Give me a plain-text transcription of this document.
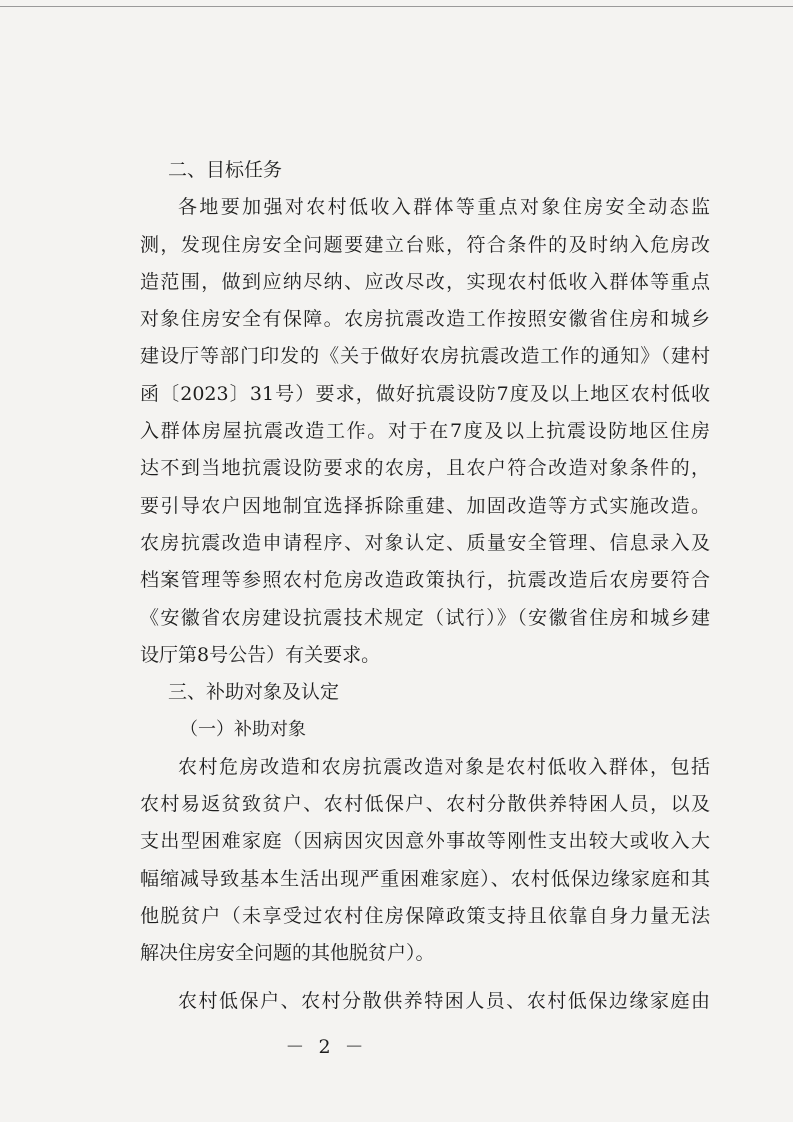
二、目标任务
各地要加强对农村低收入群体等重点对象住房安全动态监
测，发现住房安全问题要建立台账，符合条件的及时纳入危房改
造范围，做到应纳尽纳、应改尽改，实现农村低收入群体等重点
对象住房安全有保障。农房抗震改造工作按照安徽省住房和城乡
建设厅等部门印发的《关于做好农房抗震改造工作的通知》（建村
函〔2023〕31号）要求，做好抗震设防7度及以上地区农村低收
入群体房屋抗震改造工作。对于在7度及以上抗震设防地区住房
达不到当地抗震设防要求的农房，且农户符合改造对象条件的，
要引导农户因地制宜选择拆除重建、加固改造等方式实施改造。
农房抗震改造申请程序、对象认定、质量安全管理、信息录入及
档案管理等参照农村危房改造政策执行，抗震改造后农房要符合
《安徽省农房建设抗震技术规定（试行）》（安徽省住房和城乡建
设厅第8号公告）有关要求。
三、补助对象及认定
（一）补助对象
农村危房改造和农房抗震改造对象是农村低收入群体，包括
农村易返贫致贫户、农村低保户、农村分散供养特困人员，以及
支出型困难家庭（因病因灾因意外事故等刚性支出较大或收入大
幅缩减导致基本生活出现严重困难家庭）、农村低保边缘家庭和其
他脱贫户（未享受过农村住房保障政策支持且依靠自身力量无法
解决住房安全问题的其他脱贫户）。
农村低保户、农村分散供养特困人员、农村低保边缘家庭由
－ 2 －
